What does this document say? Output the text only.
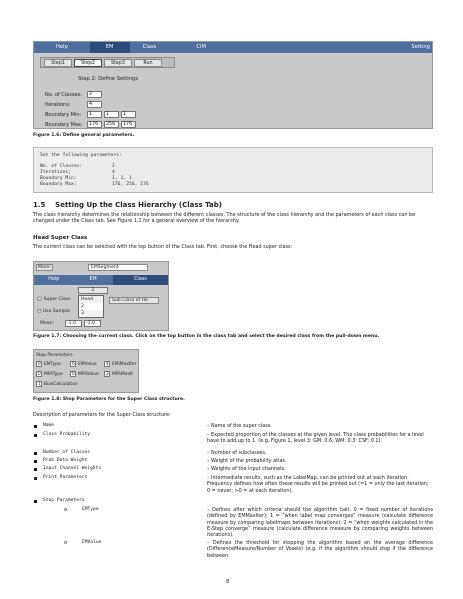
Help	EM	Class	CIM	Setting
Step1	Step2	Step3	Run
Step 2: Define Settings
No. of Classes:	2
Iterations:	4
Boundary Min:	1	1	1
Boundary Max:	176	256	176
Figure 1.6: Define general parameters.
Set the following parameters:
No. of Classes:	2
Iterations:	4
Boundary Min:	1, 1, 1
Boundary Max:	176, 256, 176
1.5    Setting Up the Class Hierarchy (Class Tab)
The class hierarchy determines the relationship between the different classes. The structure of the class hierarchy and the parameters of each class can be changed under the Class tab. See Figure 1.1 for a general overview of the hierarchy.
Head Super Class
The current class can be selected with the top button of the Class tab. First, choose the Head super class:
More:	EMSegment
Help	EM	Class
2
◯ Super Class	Head
2
3
Sub Class of He
□ Use Sample
Mean:	-1.0	-1.0
Figure 1.7: Choosing the current class. Click on the top button in the class tab and select the desired class from the pull-down menu.
Stop Parameters
0 EMType	0 EMValue	4 EMiMaxIter
0 MFAType	0 MFAValue	2 MFAMaxIt
1 BiasCalculation
Figure 1.8: Stop Parameters for the Super Class structure.
Description of parameters for the Super Class structure:
Name	– Name of the super class.
Class Probability	– Expected proportion of the classes at the given level. The class probabilities for a level have to add up to 1. (e.g. Figure 1, level 3: GM: 0.6; WM: 0.3: CSF: 0.1).
Number of Classes	– Number of subclasses.
Prob Data Weight	– Weight of the probability atlas.
Input Channel Weights	– Weights of the input channels.
Print Parameters	– Intermediate results, such as the LabelMap, can be printed out at each iteration. Frequency defines how often these results will be printed out (=1 = only the last iteration; 0 = never; >0 = at each iteration).
Stop Parameters
o	EMType	– Defines after which criteria should the algorithm halt. 0 = fixed number of iterations (defined by EMMaxIter); 1 = “when label map converges” measure (calculate difference measure by comparing labelmaps between iterations); 2 = “when weights calculated in the E-Step converge” measure (calculate difference measure by comparing weights between iterations).
o	EMValue	– Defines the threshold for stopping the algorithm based on the average difference (DifferenceMeasure/Number of Voxels) (e.g. if the algorithm should stop if the difference between
8
